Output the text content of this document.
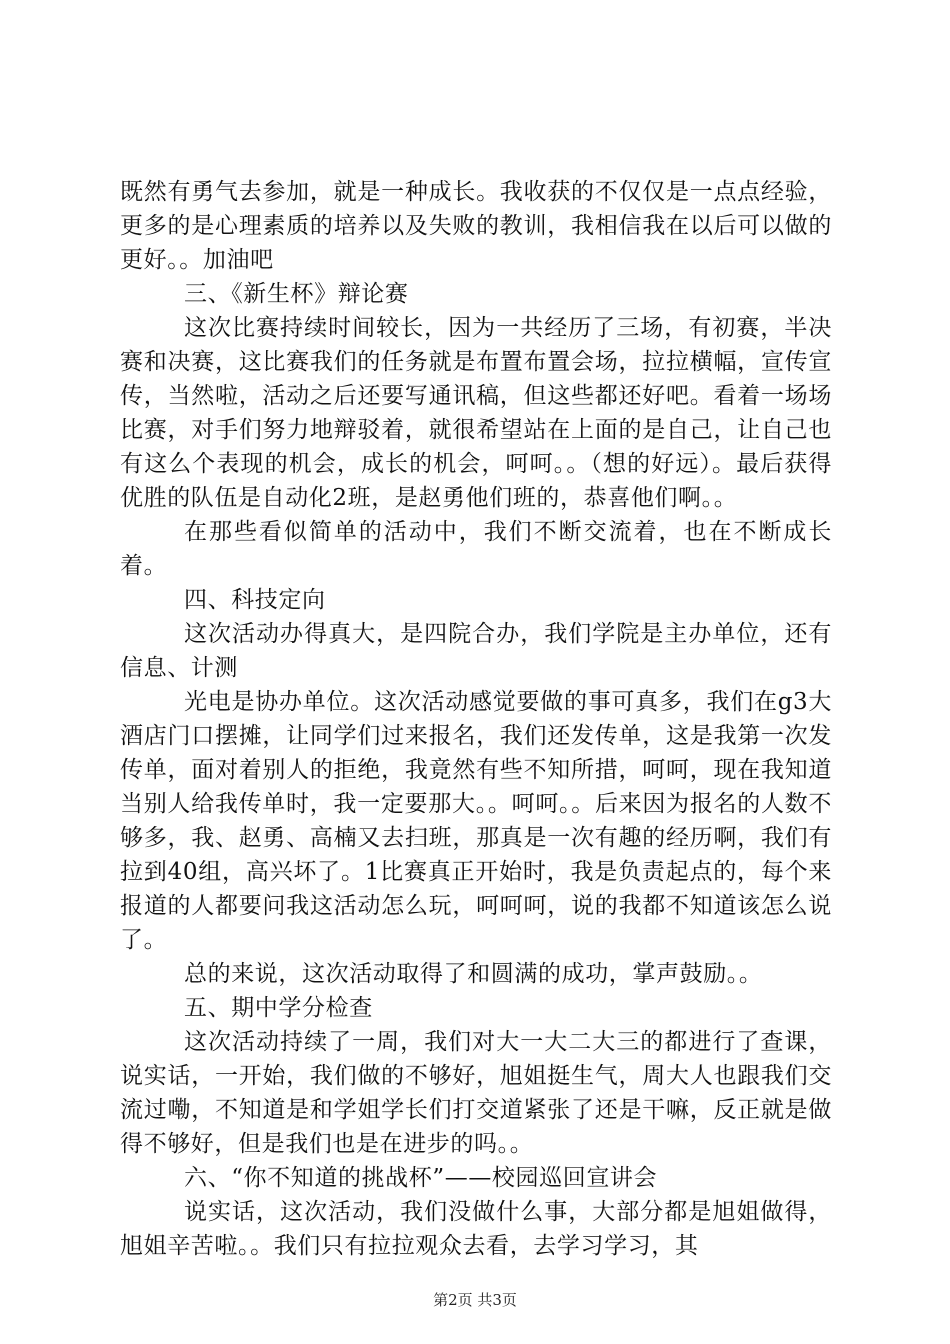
既然有勇气去参加，就是一种成长。我收获的不仅仅是一点点经验，更多的是心理素质的培养以及失败的教训，我相信我在以后可以做的更好。。加油吧

三、《新生杯》辩论赛

这次比赛持续时间较长，因为一共经历了三场，有初赛，半决赛和决赛，这比赛我们的任务就是布置布置会场，拉拉横幅，宣传宣传，当然啦，活动之后还要写通讯稿，但这些都还好吧。看着一场场比赛，对手们努力地辩驳着，就很希望站在上面的是自己，让自己也有这么个表现的机会，成长的机会，呵呵。。（想的好远）。最后获得优胜的队伍是自动化2班，是赵勇他们班的，恭喜他们啊。。

在那些看似简单的活动中，我们不断交流着，也在不断成长着。

四、科技定向

这次活动办得真大，是四院合办，我们学院是主办单位，还有信息、计测

光电是协办单位。这次活动感觉要做的事可真多，我们在g3大酒店门口摆摊，让同学们过来报名，我们还发传单，这是我第一次发传单，面对着别人的拒绝，我竟然有些不知所措，呵呵，现在我知道当别人给我传单时，我一定要那大。。呵呵。。后来因为报名的人数不够多，我、赵勇、高楠又去扫班，那真是一次有趣的经历啊，我们有拉到40组，高兴坏了。1比赛真正开始时，我是负责起点的，每个来报道的人都要问我这活动怎么玩，呵呵呵，说的我都不知道该怎么说了。

总的来说，这次活动取得了和圆满的成功，掌声鼓励。。

五、期中学分检查

这次活动持续了一周，我们对大一大二大三的都进行了查课，说实话，一开始，我们做的不够好，旭姐挺生气，周大人也跟我们交流过嘞，不知道是和学姐学长们打交道紧张了还是干嘛，反正就是做得不够好，但是我们也是在进步的吗。。

六、“你不知道的挑战杯”——校园巡回宣讲会

说实话，这次活动，我们没做什么事，大部分都是旭姐做得，旭姐辛苦啦。。我们只有拉拉观众去看，去学习学习，其

第2页 共3页
